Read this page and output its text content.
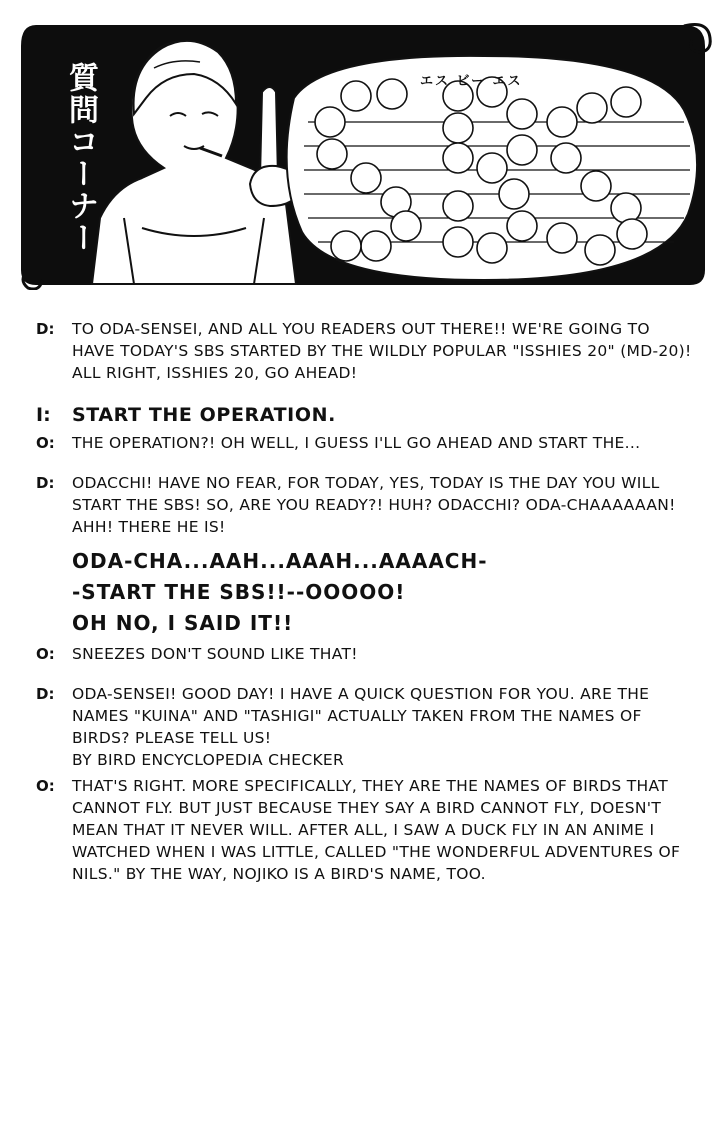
質問コーナー	エス ビー エス
D:	TO ODA-SENSEI, AND ALL YOU READERS OUT THERE!! WE'RE GOING TO HAVE TODAY'S SBS STARTED BY THE WILDLY POPULAR "ISSHIES 20" (MD-20)! ALL RIGHT, ISSHIES 20, GO AHEAD!
I:	START THE OPERATION.
O:	THE OPERATION?! OH WELL, I GUESS I'LL GO AHEAD AND START THE...
D:	ODACCHI! HAVE NO FEAR, FOR TODAY, YES, TODAY IS THE DAY YOU WILL START THE SBS! SO, ARE YOU READY?! HUH? ODACCHI? ODA-CHAAAAAAN! AHH! THERE HE IS!
ODA-CHA...AAH...AAAH...AAAACH-
-START THE SBS!!--OOOOO!
OH NO, I SAID IT!!
O:	SNEEZES DON'T SOUND LIKE THAT!
D:	ODA-SENSEI! GOOD DAY! I HAVE A QUICK QUESTION FOR YOU. ARE THE NAMES "KUINA" AND "TASHIGI" ACTUALLY TAKEN FROM THE NAMES OF BIRDS? PLEASE TELL US!
BY BIRD ENCYCLOPEDIA CHECKER
O:	THAT'S RIGHT. MORE SPECIFICALLY, THEY ARE THE NAMES OF BIRDS THAT CANNOT FLY. BUT JUST BECAUSE THEY SAY A BIRD CANNOT FLY, DOESN'T MEAN THAT IT NEVER WILL. AFTER ALL, I SAW A DUCK FLY IN AN ANIME I WATCHED WHEN I WAS LITTLE, CALLED "THE WONDERFUL ADVENTURES OF NILS." BY THE WAY, NOJIKO IS A BIRD'S NAME, TOO.
